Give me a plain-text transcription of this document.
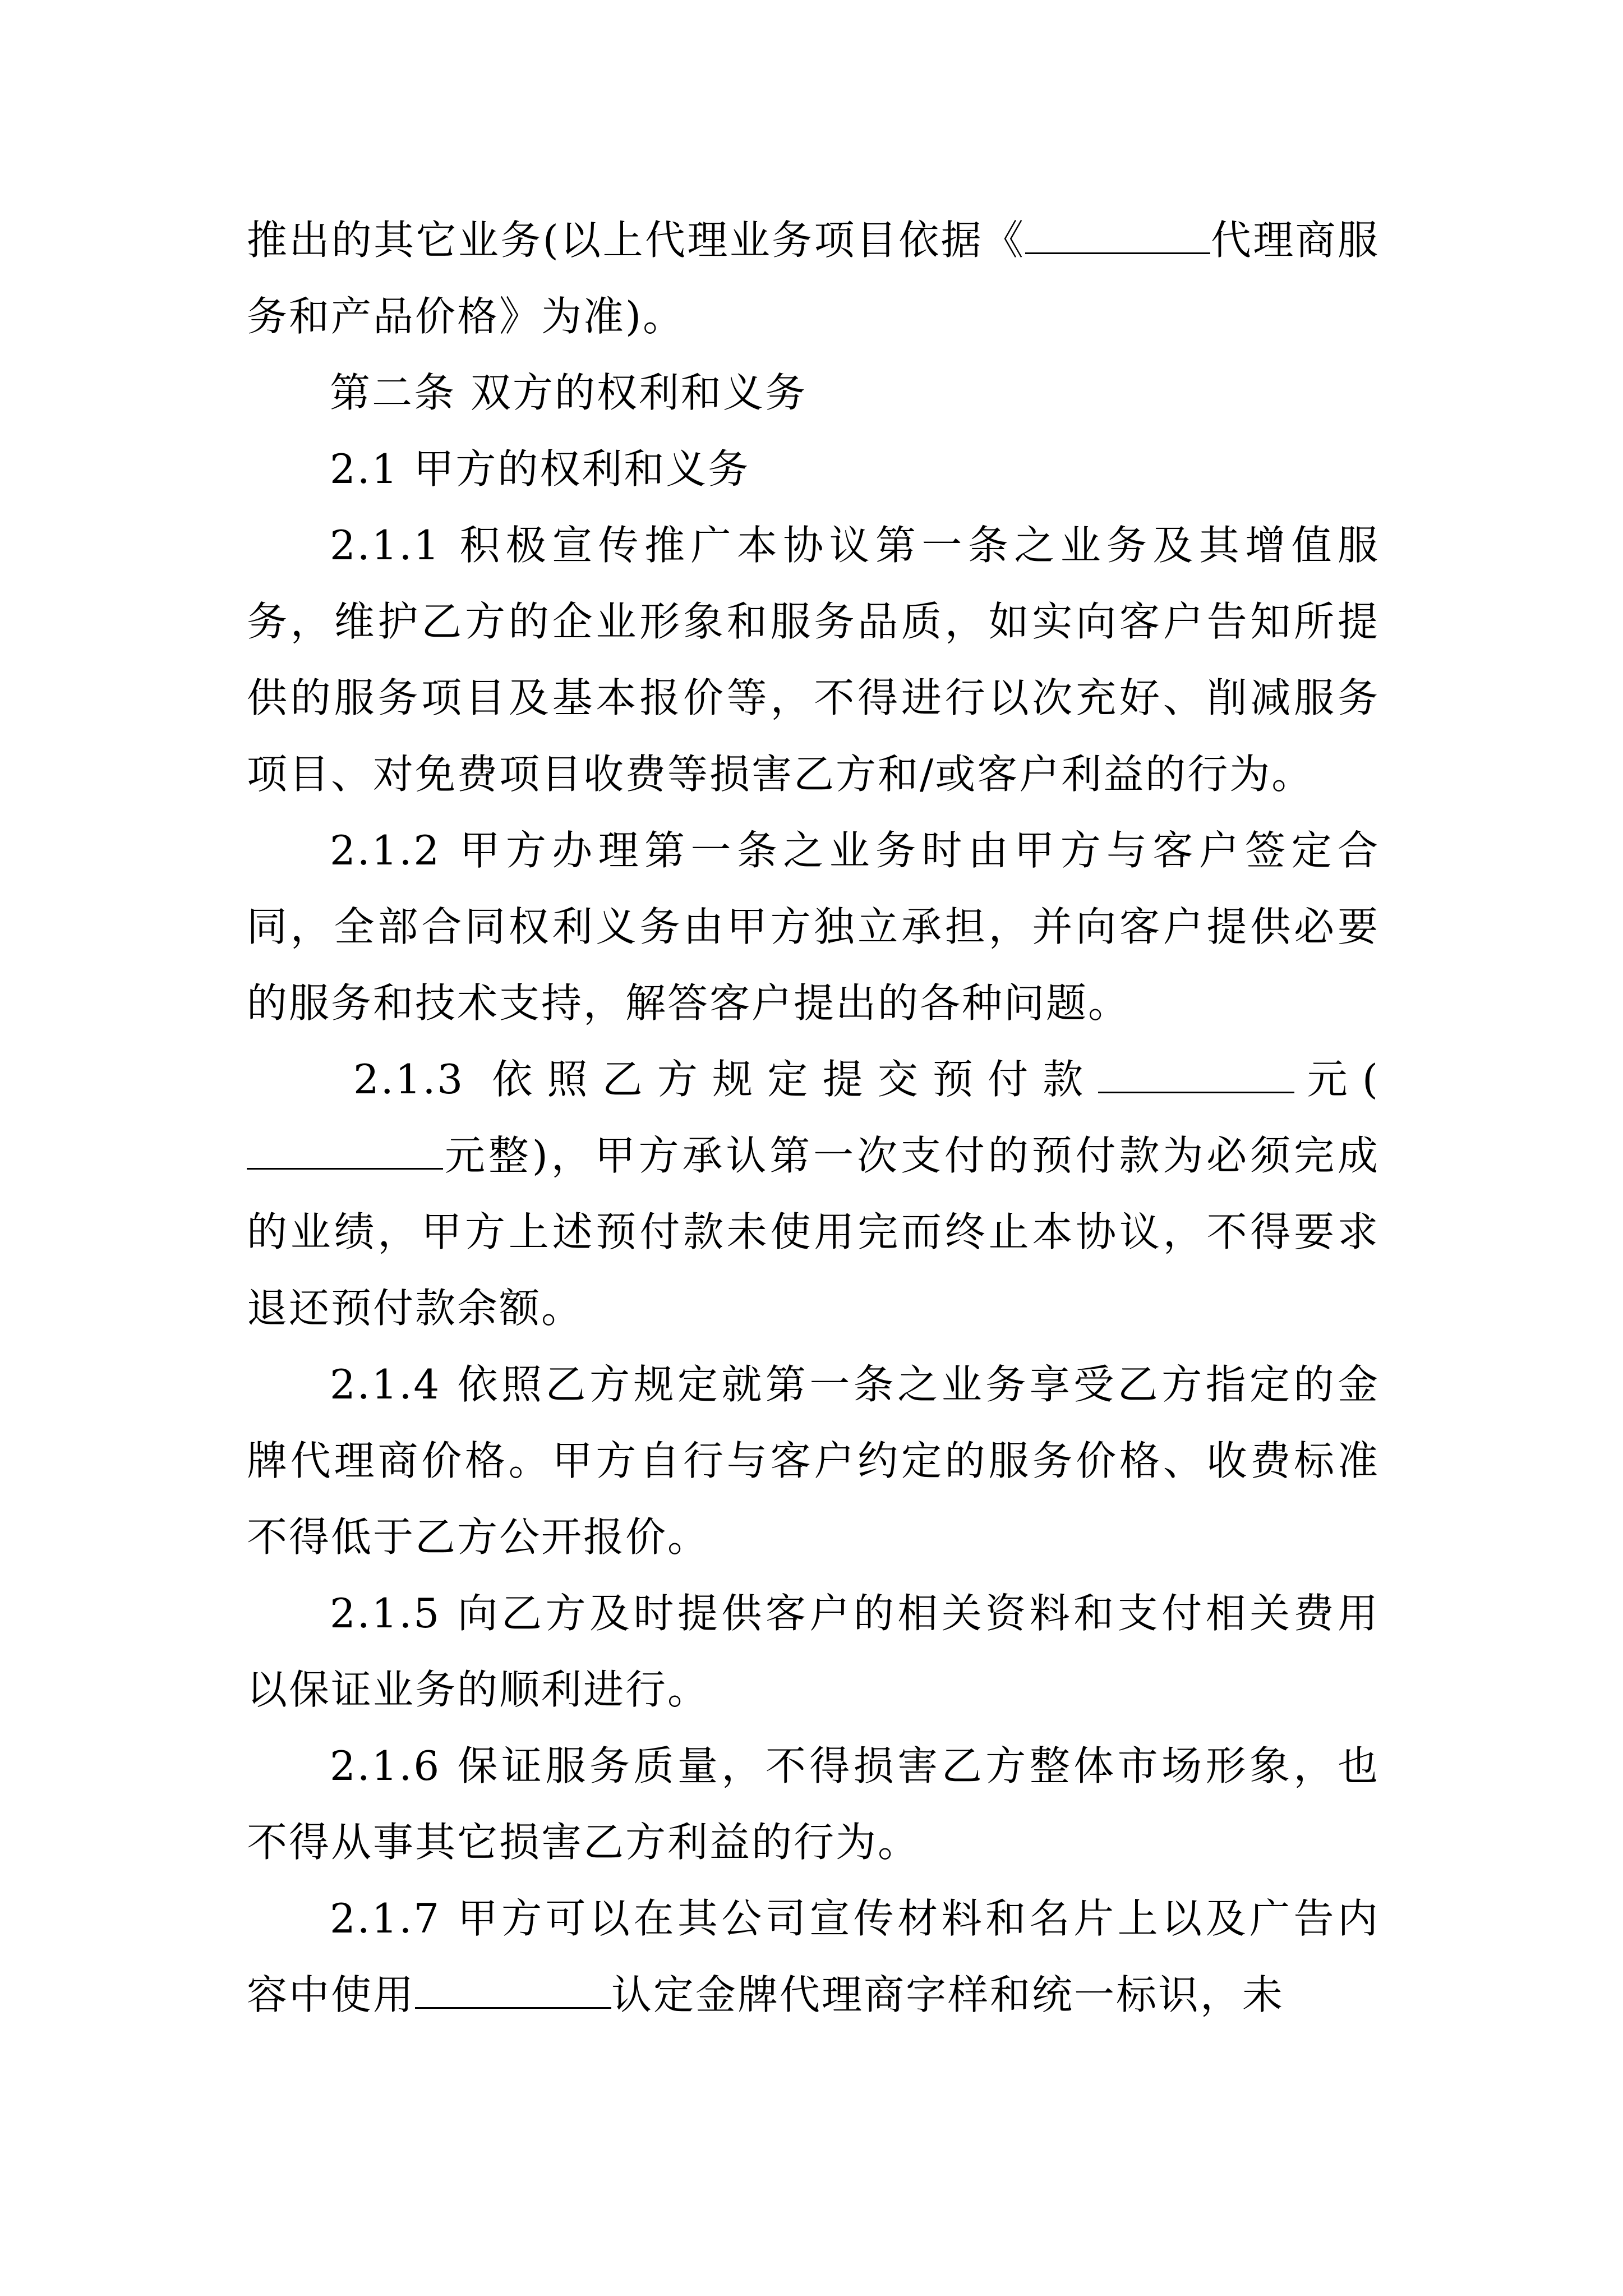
推出的其它业务(以上代理业务项目依据《	代理商服务和产品价格》为准)。

第二条 双方的权利和义务

2.1 甲方的权利和义务

2.1.1 积极宣传推广本协议第一条之业务及其增值服务，维护乙方的企业形象和服务品质，如实向客户告知所提供的服务项目及基本报价等，不得进行以次充好、削减服务项目、对免费项目收费等损害乙方和/或客户利益的行为。

2.1.2 甲方办理第一条之业务时由甲方与客户签定合同，全部合同权利义务由甲方独立承担，并向客户提供必要的服务和技术支持，解答客户提出的各种问题。

2.1.3 依照乙方规定提交预付款	元(元整)，甲方承认第一次支付的预付款为必须完成的业绩，甲方上述预付款未使用完而终止本协议，不得要求退还预付款余额。

2.1.4 依照乙方规定就第一条之业务享受乙方指定的金牌代理商价格。甲方自行与客户约定的服务价格、收费标准不得低于乙方公开报价。

2.1.5 向乙方及时提供客户的相关资料和支付相关费用以保证业务的顺利进行。

2.1.6 保证服务质量，不得损害乙方整体市场形象，也不得从事其它损害乙方利益的行为。

2.1.7 甲方可以在其公司宣传材料和名片上以及广告内容中使用	认定金牌代理商字样和统一标识，未
